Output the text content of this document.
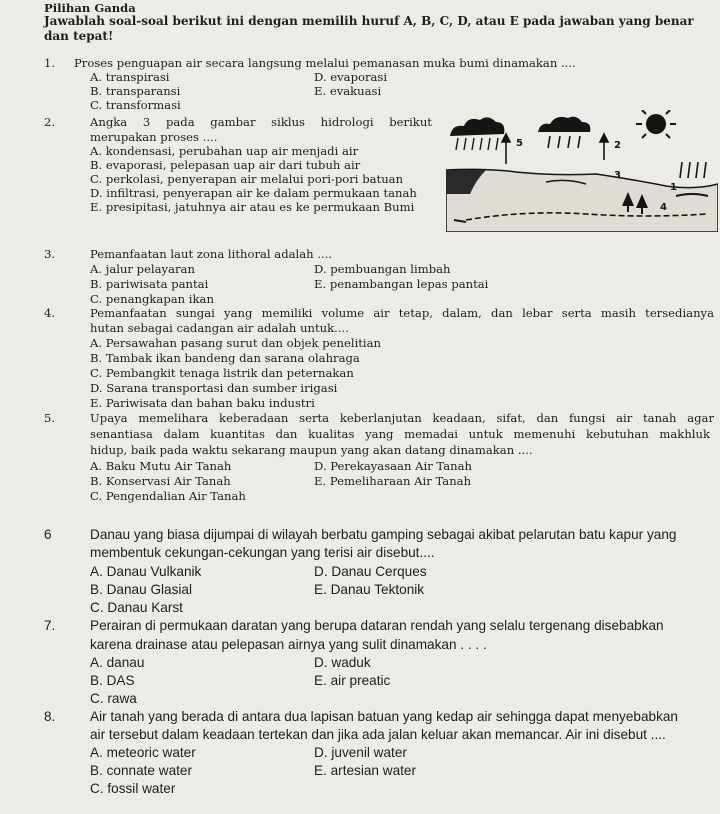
Pilihan Ganda
Jawablah soal-soal berikut ini dengan memilih huruf A, B, C, D, atau E pada jawaban yang benar
dan tepat!
1. Proses penguapan air secara langsung melalui pemanasan muka bumi dinamakan ....
A. transpirasi
B. transparansi
C. transformasi
D. evaporasi
E. evakuasi
2.	Angka 3 pada gambar siklus hidrologi berikut
merupakan proses ....
A. kondensasi, perubahan uap air menjadi air
B. evaporasi, pelepasan uap air dari tubuh air
C. perkolasi, penyerapan air melalui pori-pori batuan
D. infiltrasi, penyerapan air ke dalam permukaan tanah
E. presipitasi, jatuhnya air atau es ke permukaan Bumi
5	2
3
1
4
3.	Pemanfaatan laut zona lithoral adalah ....
A. jalur pelayaran
B. pariwisata pantai
C. penangkapan ikan
D. pembuangan limbah
E. penambangan lepas pantai
4.	Pemanfaatan sungai yang memiliki volume air tetap, dalam, dan lebar serta masih tersedianya
hutan sebagai cadangan air adalah untuk....
A. Persawahan pasang surut dan objek penelitian
B. Tambak ikan bandeng dan sarana olahraga
C. Pembangkit tenaga listrik dan peternakan
D. Sarana transportasi dan sumber irigasi
E. Pariwisata dan bahan baku industri
5.	Upaya memelihara keberadaan serta keberlanjutan keadaan, sifat, dan fungsi air tanah agar
senantiasa dalam kuantitas dan kualitas yang memadai untuk memenuhi kebutuhan makhluk
hidup, baik pada waktu sekarang maupun yang akan datang dinamakan ....
A. Baku Mutu Air Tanah
B. Konservasi Air Tanah
C. Pengendalian Air Tanah
D. Perekayasaan Air Tanah
E. Pemeliharaan Air Tanah
6	Danau yang biasa dijumpai di wilayah berbatu gamping sebagai akibat pelarutan batu kapur yang
membentuk cekungan-cekungan yang terisi air disebut....
A. Danau Vulkanik
B. Danau Glasial
C. Danau Karst
D. Danau Cerques
E. Danau Tektonik
7.	Perairan di permukaan daratan yang berupa dataran rendah yang selalu tergenang disebabkan
karena drainase atau pelepasan airnya yang sulit dinamakan . . . .
A. danau
B. DAS
C. rawa
D. waduk
E. air preatic
8.	Air tanah yang berada di antara dua lapisan batuan yang kedap air sehingga dapat menyebabkan
air tersebut dalam keadaan tertekan dan jika ada jalan keluar akan memancar. Air ini disebut ....
A. meteoric water
B. connate water
C. fossil water
D. juvenil water
E. artesian water
